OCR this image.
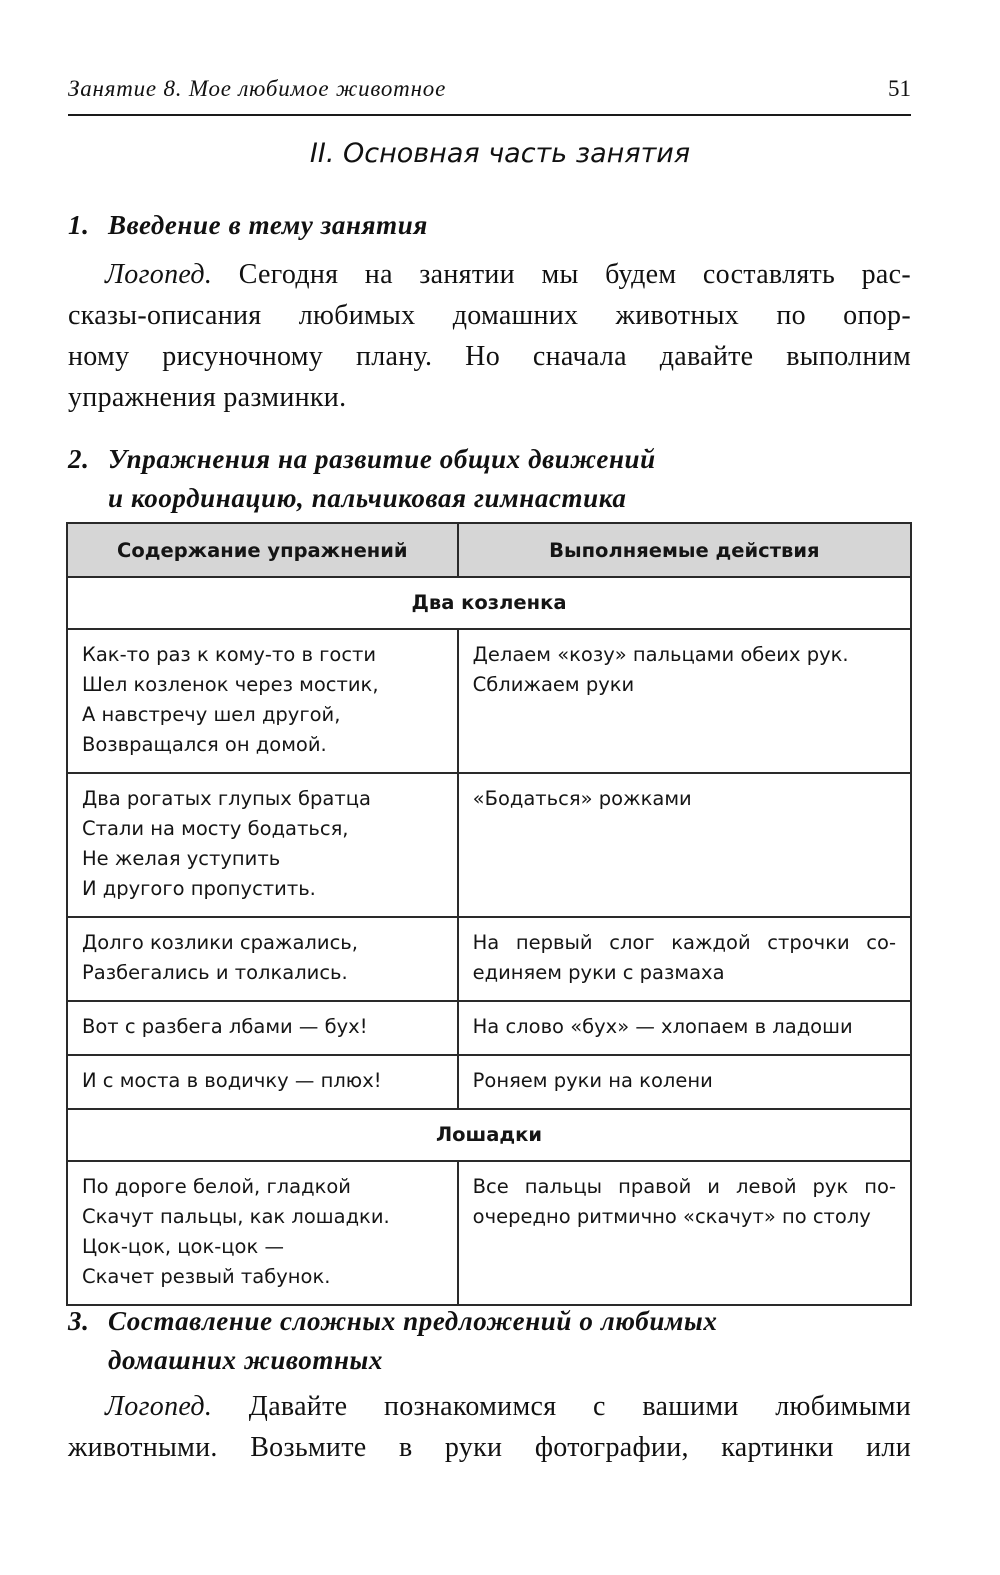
Занятие 8. Мое любимое животное	51
II. Основная часть занятия
1. Введение в тему занятия
Логопед. Сегодня на занятии мы будем составлять рас-
сказы-описания любимых домашних животных по опор-
ному рисуночному плану. Но сначала давайте выполним
упражнения разминки.
2. Упражнения на развитие общих движений
и координацию, пальчиковая гимнастика
Содержание упражнений	Выполняемые действия
Два козленка	

Как-то раз к кому-то в гости
Шел козленок через мостик,
А навстречу шел другой,
Возвращался он домой.	Делаем «козу» пальцами обеих рук.
Сближаем руки

Два рогатых глупых братца
Стали на мосту бодаться,
Не желая уступить
И другого пропустить.	«Бодаться» рожками

Долго козлики сражались,
Разбегались и толкались.	На первый слог каждой строчки со-
единяем руки с размаха

Вот с разбега лбами — бух!	На слово «бух» — хлопаем в ладоши

И с моста в водичку — плюх!	Роняем руки на колени

Лошадки	

По дороге белой, гладкой
Скачут пальцы, как лошадки.
Цок-цок, цок-цок —
Скачет резвый табунок.	Все пальцы правой и левой рук по-
очередно ритмично «скачут» по столу
3. Составление сложных предложений о любимых
домашних животных
Логопед. Давайте познакомимся с вашими любимыми
животными. Возьмите в руки фотографии, картинки или
